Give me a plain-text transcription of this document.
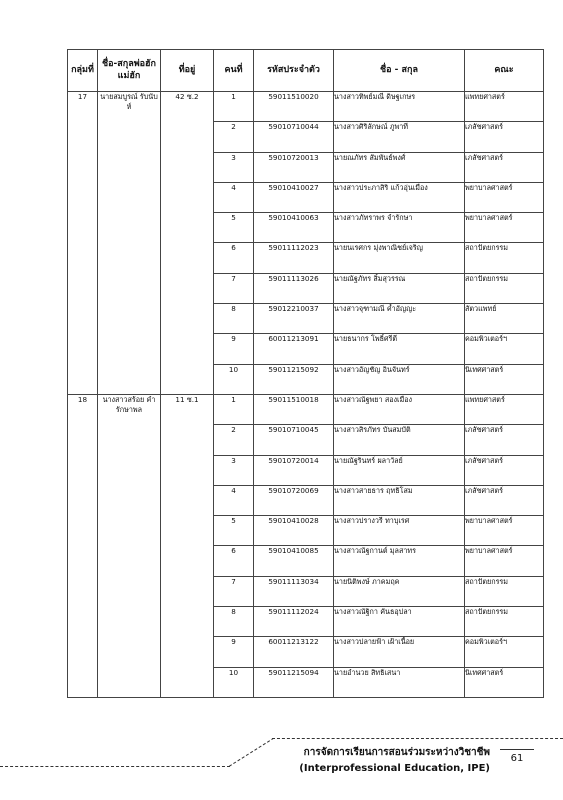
กลุ่มที่	ชื่อ-สกุลพ่อฮักแม่ฮัก	ที่อยู่	คนที่	รหัสประจำตัว	ชื่อ - สกุล	คณะ
17	นายสมบูรณ์ รับนับห์	42 ซ.2	1	59011510020	นางสาวทิพย์มณี ดิษฐเกษร	แพทยศาสตร์
			2	59010710044	นางสาวศิริลักษณ์ ภูพาที	เภสัชศาสตร์
			3	59010720013	นายณภัทร สัมพันธ์พงศ์	เภสัชศาสตร์
			4	59010410027	นางสาวประภาสิริ แก้วอุ่นเมือง	พยาบาลศาสตร์
			5	59010410063	นางสาวภัทราพร จำรักษา	พยาบาลศาสตร์
			6	59011112023	นายนเรศกร มุ่งพาณิชย์เจริญ	สถาปัตยกรรม
			7	59011113026	นายณัฐภัทร สิ้มสุวรรณ	สถาปัตยกรรม
			8	59012210037	นางสาวจุฑามณี ค้ำอัญญะ	สัตวแพทย์
			9	60011213091	นายธนากร โพธิ์ศรีตี	คอมพิวเตอร์ฯ
			10	59011215092	นางสาวอัญชัญ อินจันทร์	นิเทศศาสตร์
18	นางสาวสร้อย คำ รักษาพล	11 ซ.1	1	59011510018	นางสาวณัฐพยา สองเมือง	แพทยศาสตร์
			2	59010710045	นางสาวสิรภัทร บันสมบัติ	เภสัชศาสตร์
			3	59010720014	นายณัฐรินทร์ ผลาวัลย์	เภสัชศาสตร์
			4	59010720069	นางสาวสายธาร ฤทธิโสม	เภสัชศาสตร์
			5	59010410028	นางสาวปรางวรี ทาบุเรศ	พยาบาลศาสตร์
			6	59010410085	นางสาวณัฐกานต์ มุลสาทร	พยาบาลศาสตร์
			7	59011113034	นายนิติพงษ์ ภาคมฤค	สถาปัตยกรรม
			8	59011112024	นางสาวณัฐิกา คันธอุปลา	สถาปัตยกรรม
			9	60011213122	นางสาวปลายฟ้า เฝ้าเนื้อย	คอมพิวเตอร์ฯ
			10	59011215094	นายอำนวย สิทธิเสนา	นิเทศศาสตร์
การจัดการเรียนการสอนร่วมระหว่างวิชาชีพ
(Interprofessional Education, IPE)
61
